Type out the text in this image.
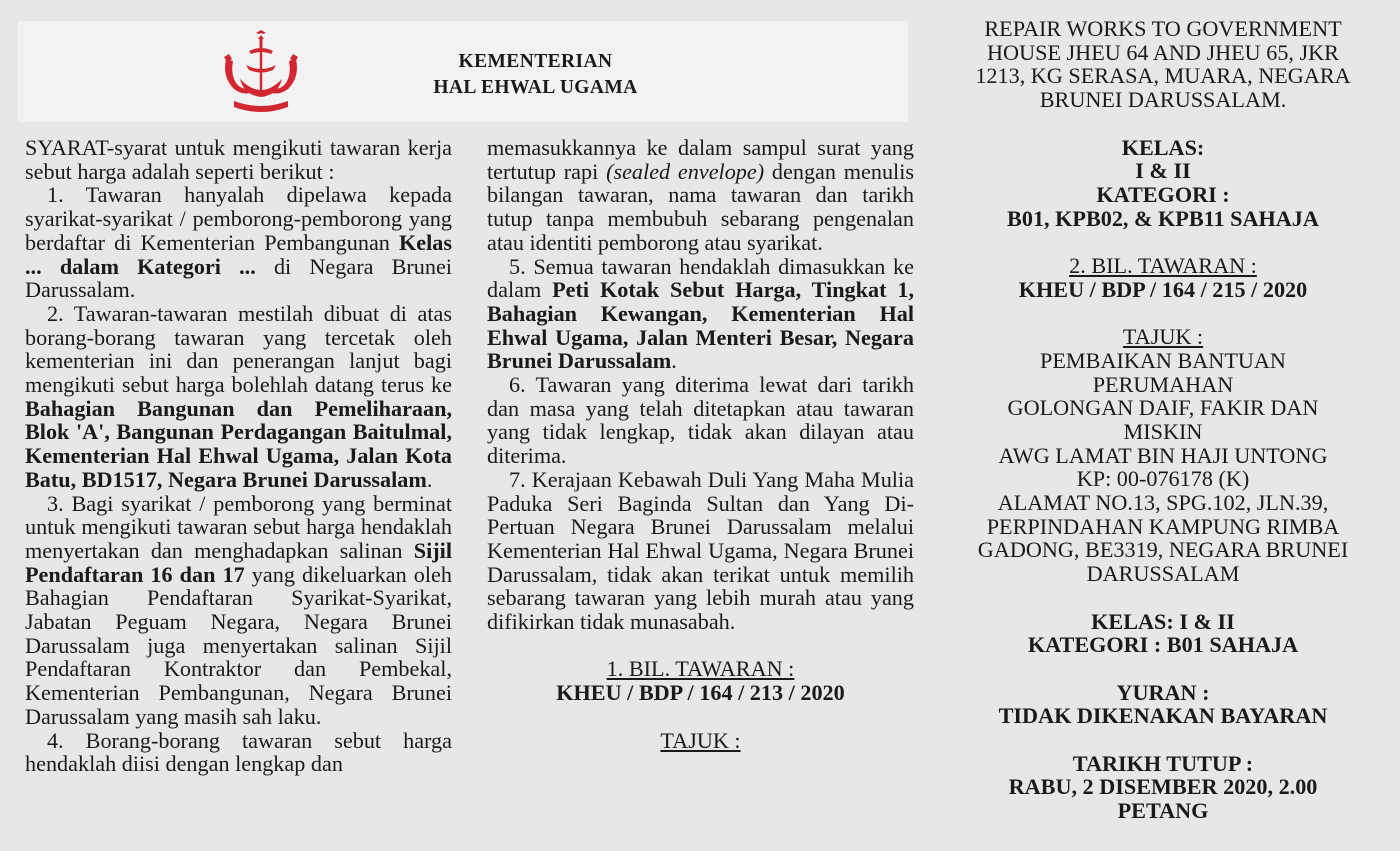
KEMENTERIAN
HAL EHWAL UGAMA

SYARAT-syarat untuk mengikuti tawaran kerja sebut harga adalah seperti berikut :

1. Tawaran hanyalah dipelawa kepada syarikat-syarikat / pemborong-pemborong yang berdaftar di Kementerian Pembangunan Kelas ... dalam Kategori ... di Negara Brunei Darussalam.

2. Tawaran-tawaran mestilah dibuat di atas borang-borang tawaran yang tercetak oleh kementerian ini dan penerangan lanjut bagi mengikuti sebut harga bolehlah datang terus ke Bahagian Bangunan dan Pemeliharaan, Blok 'A', Bangunan Perdagangan Baitulmal, Kementerian Hal Ehwal Ugama, Jalan Kota Batu, BD1517, Negara Brunei Darussalam.

3. Bagi syarikat / pemborong yang berminat untuk mengikuti tawaran sebut harga hendaklah menyertakan dan menghadapkan salinan Sijil Pendaftaran 16 dan 17 yang dikeluarkan oleh Bahagian Pendaftaran Syarikat-Syarikat, Jabatan Peguam Negara, Negara Brunei Darussalam juga menyertakan salinan Sijil Pendaftaran Kontraktor dan Pembekal, Kementerian Pembangunan, Negara Brunei Darussalam yang masih sah laku.

4. Borang-borang tawaran sebut harga hendaklah diisi dengan lengkap dan

memasukkannya ke dalam sampul surat yang tertutup rapi (sealed envelope) dengan menulis bilangan tawaran, nama tawaran dan tarikh tutup tanpa membubuh sebarang pengenalan atau identiti pemborong atau syarikat.

5. Semua tawaran hendaklah dimasukkan ke dalam Peti Kotak Sebut Harga, Tingkat 1, Bahagian Kewangan, Kementerian Hal Ehwal Ugama, Jalan Menteri Besar, Negara Brunei Darussalam.

6. Tawaran yang diterima lewat dari tarikh dan masa yang telah ditetapkan atau tawaran yang tidak lengkap, tidak akan dilayan atau diterima.

7. Kerajaan Kebawah Duli Yang Maha Mulia Paduka Seri Baginda Sultan dan Yang Di-Pertuan Negara Brunei Darussalam melalui Kementerian Hal Ehwal Ugama, Negara Brunei Darussalam, tidak akan terikat untuk memilih sebarang tawaran yang lebih murah atau yang difikirkan tidak munasabah.

1. BIL. TAWARAN :
KHEU / BDP / 164 / 213 / 2020
TAJUK :
REPAIR WORKS TO GOVERNMENT
HOUSE JHEU 64 AND JHEU 65, JKR
1213, KG SERASA, MUARA, NEGARA
BRUNEI DARUSSALAM.
KELAS:
I & II
KATEGORI :
B01, KPB02, & KPB11 SAHAJA
2. BIL. TAWARAN :
KHEU / BDP / 164 / 215 / 2020
TAJUK :
PEMBAIKAN BANTUAN
PERUMAHAN
GOLONGAN DAIF, FAKIR DAN
MISKIN
AWG LAMAT BIN HAJI UNTONG
KP: 00-076178 (K)
ALAMAT NO.13, SPG.102, JLN.39,
PERPINDAHAN KAMPUNG RIMBA
GADONG, BE3319, NEGARA BRUNEI
DARUSSALAM
KELAS: I & II
KATEGORI : B01 SAHAJA
YURAN :
TIDAK DIKENAKAN BAYARAN
TARIKH TUTUP :
RABU, 2 DISEMBER 2020, 2.00
PETANG
